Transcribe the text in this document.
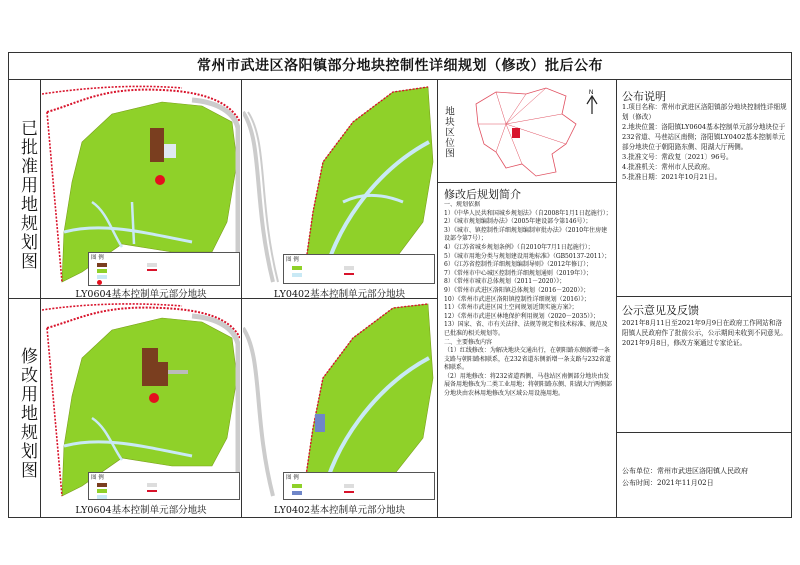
常州市武进区洛阳镇部分地块控制性详细规划（修改）批后公布
已批准用地规划图
修改用地规划图
图 例
LY0604基本控制单元部分地块
图 例
LY0402基本控制单元部分地块
图 例
LY0604基本控制单元部分地块
图 例
LY0402基本控制单元部分地块
地块区位图
N
修改后规划简介
一、规划依据
1）《中华人民共和国城乡规划法》（自2008年1月1日起施行）；
2）《城市规划编制办法》（2005年建设部令第146号）；
3）《城市、镇控制性详细规划编制审批办法》（2010年住房建设部令第7号）；
4）《江苏省城乡规划条例》（自2010年7月1日起施行）；
5）《城市用地分类与规划建设用地标准》（GB50137-2011）；
6）《江苏省控制性详细规划编制导则》（2012年修订）；
7）《常州市中心城区控制性详细规划通则（2019年）》；
8）《常州市城市总体规划（2011－2020）》；
9）《常州市武进区洛阳镇总体规划（2016－2020）》；
10）《常州市武进区洛阳镇控制性详细规划（2016）》；
11）《常州市武进区国土空间规划近期实施方案》；
12）《常州市武进区林地保护利用规划（2020－2035）》；
13）国家、省、市有关法律、法规等规定和技术标准、规范及已批准的相关规划等。
二、主要修改内容
（1）红线修改：为解决地块交通出行，在朝阳路东侧新增一条支路与朝阳路相联系，在232省道东侧新增一条支路与232省道相联系。
（2）用地修改：将232省道西侧、马巷站区南侧部分地块由发展备用地修改为二类工业用地；将朝阳路东侧、阳湖大厅两侧部分地块由农林用地修改为区域公用设施用地。
公布说明
1.项目名称：常州市武进区洛阳镇部分地块控制性详细规划（修改）
2.地块位置：洛阳镇LY0604基本控制单元部分地块位于232省道、马巷站区南侧；洛阳镇LY0402基本控制单元部分地块位于朝阳路东侧、阳湖大厅两侧。
3.批准文号：常政复〔2021〕96号。
4.批准机关：常州市人民政府。
5.批准日期：2021年10月21日。
公示意见及反馈
2021年8月11日至2021年9月9日在政府工作网站和洛阳镇人民政府作了批前公示，公示期间未收到不同意见。
2021年9月8日，修改方案通过专家论证。
公布单位：常州市武进区洛阳镇人民政府
公布时间：2021年11月02日
